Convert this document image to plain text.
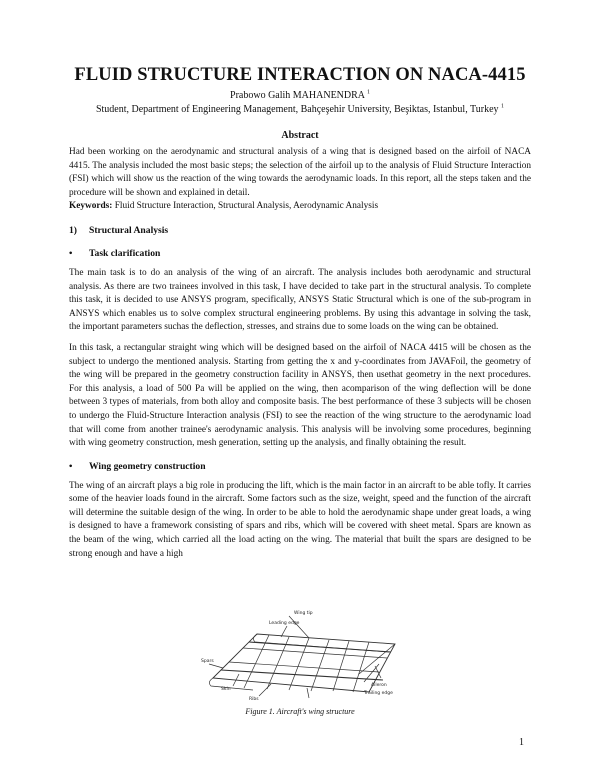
FLUID STRUCTURE INTERACTION ON NACA-4415

Prabowo Galih MAHANENDRA $^1$

Student, Department of Engineering Management, Bahçeşehir University, Beşiktas, Istanbul, Turkey $^1$

Abstract

Had been working on the aerodynamic and structural analysis of a wing that is designed based on the airfoil of NACA 4415. The analysis included the most basic steps; the selection of the airfoil up to the analysis of Fluid Structure Interaction (FSI) which will show us the reaction of the wing towards the aerodynamic loads. In this report, all the steps taken and the procedure will be shown and explained in detail.

Keywords: Fluid Structure Interaction, Structural Analysis, Aerodynamic Analysis

1) Structural Analysis
• Task clarification

The main task is to do an analysis of the wing of an aircraft. The analysis includes both aerodynamic and structural analysis. As there are two trainees involved in this task, I have decided to take part in the structural analysis. To complete this task, it is decided to use ANSYS program, specifically, ANSYS Static Structural which is one of the sub-program in ANSYS which enables us to solve complex structural engineering problems. By using this advantage in solving the task, the important parameters suchas the deflection, stresses, and strains due to some loads on the wing can be obtained.

In this task, a rectangular straight wing which will be designed based on the airfoil of NACA 4415 will be chosen as the subject to undergo the mentioned analysis. Starting from getting the x and y-coordinates from JAVAFoil, the geometry of the wing will be prepared in the geometry construction facility in ANSYS, then usethat geometry in the next procedures. For this analysis, a load of 500 Pa will be applied on the wing, then acomparison of the wing deflection will be done between 3 types of materials, from both alloy and composite basis. The best performance of these 3 subjects will be chosen to undergo the Fluid-Structure Interaction analysis (FSI) to see the reaction of the wing structure to the aerodynamic load that will come from another trainee's aerodynamic analysis. This analysis will be involving some procedures, beginning with wing geometry construction, mesh generation, setting up the analysis, and finally obtaining the result.

• Wing geometry construction

The wing of an aircraft plays a big role in producing the lift, which is the main factor in an aircraft to be able tofly. It carries some of the heavier loads found in the aircraft. Some factors such as the size, weight, speed and the function of the aircraft will determine the suitable design of the wing. In order to be able to hold the aerodynamic shape under great loads, a wing is designed to have a framework consisting of spars and ribs, which will be covered with sheet metal. Spars are known as the beam of the wing, which carried all the load acting on the wing. The material that built the spars are designed to be strong enough and have a high

Wing tip
Leading edge
Aileron
Trailing edge
Skin
Ribs
Spars
Figure 1. Aircraft's wing structure
1
